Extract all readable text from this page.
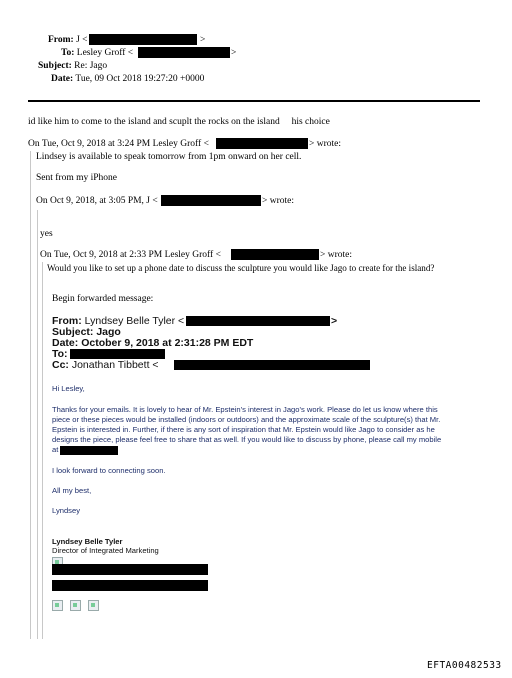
From: J <	>
To: Lesley Groff <	>
Subject: Re: Jago
Date: Tue, 09 Oct 2018 19:27:20 +0000
id like him to come to the island and scuplt the rocks on the island     his choice
On Tue, Oct 9, 2018 at 3:24 PM Lesley Groff <	> wrote:
Lindsey is available to speak tomorrow from 1pm onward on her cell.
Sent from my iPhone
On Oct 9, 2018, at 3:05 PM, J <	> wrote:
yes
On Tue, Oct 9, 2018 at 2:33 PM Lesley Groff <	> wrote:
Would you like to set up a phone date to discuss the sculpture you would like Jago to create for the island?
Begin forwarded message:
From: Lyndsey Belle Tyler <	>
Subject: Jago
Date: October 9, 2018 at 2:31:28 PM EDT
To:
Cc: Jonathan Tibbett <
Hi Lesley,
Thanks for your emails. It is lovely to hear of Mr. Epstein's interest in Jago's work. Please do let us know where this
piece or these pieces would be installed (indoors or outdoors) and the approximate scale of the sculpture(s) that Mr.
Epstein is interested in. Further, if there is any sort of inspiration that Mr. Epstein would like Jago to consider as he
designs the piece, please feel free to share that as well. If you would like to discuss by phone, please call my mobile
at
I look forward to connecting soon.
All my best,
Lyndsey
Lyndsey Belle Tyler
Director of Integrated Marketing
EFTA00482533
